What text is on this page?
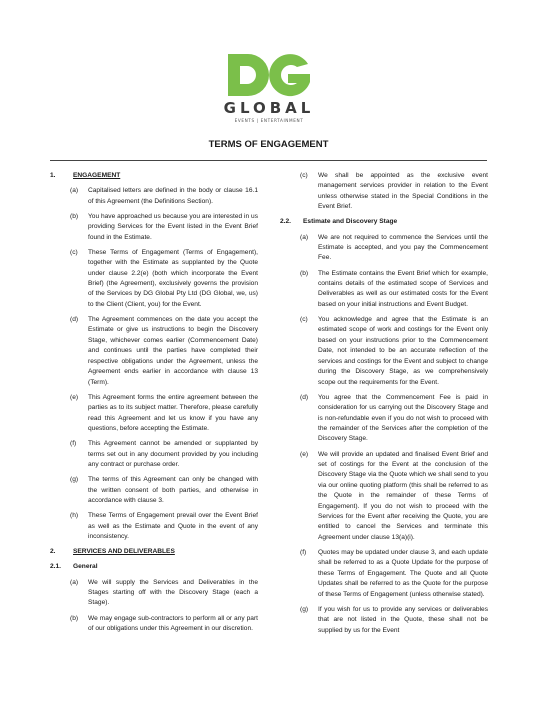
GLOBAL
EVENTS | ENTERTAINMENT
TERMS OF ENGAGEMENT
1.	ENGAGEMENT
(a)	Capitalised letters are defined in the body or clause 16.1 of this Agreement (the Definitions Section).
(b)	You have approached us because you are interested in us providing Services for the Event listed in the Event Brief found in the Estimate.
(c)	These Terms of Engagement (Terms of Engagement), together with the Estimate as supplanted by the Quote under clause 2.2(e) (both which incorporate the Event Brief) (the Agreement), exclusively governs the provision of the Services by DG Global Pty Ltd (DG Global, we, us) to the Client (Client, you) for the Event.
(d)	The Agreement commences on the date you accept the Estimate or give us instructions to begin the Discovery Stage, whichever comes earlier (Commencement Date) and continues until the parties have completed their respective obligations under the Agreement, unless the Agreement ends earlier in accordance with clause 13 (Term).
(e)	This Agreement forms the entire agreement between the parties as to its subject matter. Therefore, please carefully read this Agreement and let us know if you have any questions, before accepting the Estimate.
(f)	This Agreement cannot be amended or supplanted by terms set out in any document provided by you including any contract or purchase order.
(g)	The terms of this Agreement can only be changed with the written consent of both parties, and otherwise in accordance with clause 3.
(h)	These Terms of Engagement prevail over the Event Brief as well as the Estimate and Quote in the event of any inconsistency.
2.	SERVICES AND DELIVERABLES
2.1.	General
(a)	We will supply the Services and Deliverables in the Stages starting off with the Discovery Stage (each a Stage).
(b)	We may engage sub-contractors to perform all or any part of our obligations under this Agreement in our discretion.
(c)	We shall be appointed as the exclusive event management services provider in relation to the Event unless otherwise stated in the Special Conditions in the Event Brief.
2.2.	Estimate and Discovery Stage
(a)	We are not required to commence the Services until the Estimate is accepted, and you pay the Commencement Fee.
(b)	The Estimate contains the Event Brief which for example, contains details of the estimated scope of Services and Deliverables as well as our estimated costs for the Event based on your initial instructions and Event Budget.
(c)	You acknowledge and agree that the Estimate is an estimated scope of work and costings for the Event only based on your instructions prior to the Commencement Date, not intended to be an accurate reflection of the services and costings for the Event and subject to change during the Discovery Stage, as we comprehensively scope out the requirements for the Event.
(d)	You agree that the Commencement Fee is paid in consideration for us carrying out the Discovery Stage and is non-refundable even if you do not wish to proceed with the remainder of the Services after the completion of the Discovery Stage.
(e)	We will provide an updated and finalised Event Brief and set of costings for the Event at the conclusion of the Discovery Stage via the Quote which we shall send to you via our online quoting platform (this shall be referred to as the Quote in the remainder of these Terms of Engagement). If you do not wish to proceed with the Services for the Event after receiving the Quote, you are entitled to cancel the Services and terminate this Agreement under clause 13(a)(i).
(f)	Quotes may be updated under clause 3, and each update shall be referred to as a Quote Update for the purpose of these Terms of Engagement. The Quote and all Quote Updates shall be referred to as the Quote for the purpose of these Terms of Engagement (unless otherwise stated).
(g)	If you wish for us to provide any services or deliverables that are not listed in the Quote, these shall not be supplied by us for the Event
